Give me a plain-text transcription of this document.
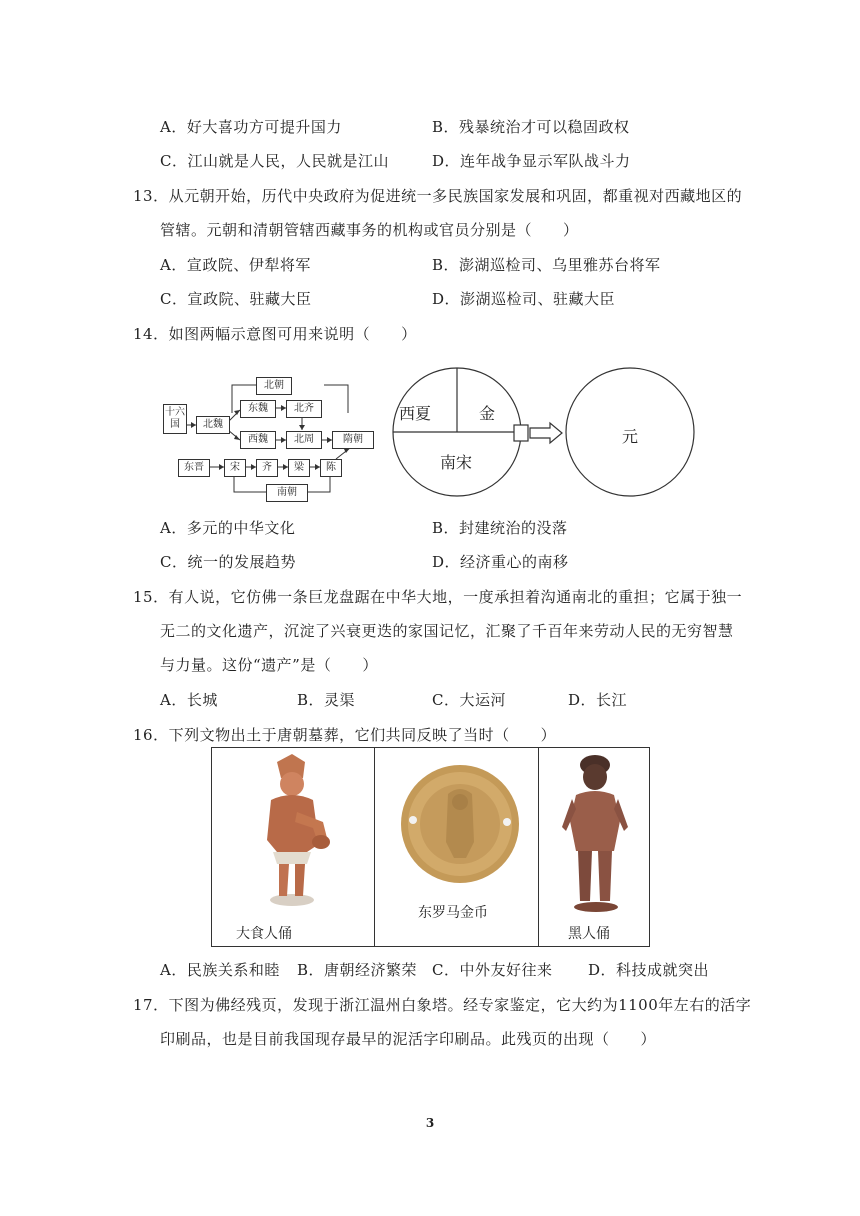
A．好大喜功方可提升国力	B．残暴统治才可以稳固政权
C．江山就是人民，人民就是江山	D．连年战争显示军队战斗力
13．从元朝开始，历代中央政府为促进统一多民族国家发展和巩固，都重视对西藏地区的
管辖。元朝和清朝管辖西藏事务的机构或官员分别是（　　）
A．宣政院、伊犁将军	B．澎湖巡检司、乌里雅苏台将军
C．宣政院、驻藏大臣	D．澎湖巡检司、驻藏大臣
14．如图两幅示意图可用来说明（　　）
北朝
十六国	北魏
东魏	北齐
西魏	北周	隋朝
东晋	宋	齐	梁	陈
南朝
西夏	金
南宋
元
A．多元的中华文化	B．封建统治的没落
C．统一的发展趋势	D．经济重心的南移
15．有人说，它仿佛一条巨龙盘踞在中华大地，一度承担着沟通南北的重担；它属于独一
无二的文化遗产，沉淀了兴衰更迭的家国记忆，汇聚了千百年来劳动人民的无穷智慧
与力量。这份“遗产”是（　　）
A．长城	B．灵渠	C．大运河	D．长江
16．下列文物出土于唐朝墓葬，它们共同反映了当时（　　）
大食人俑
东罗马金币
黑人俑
A．民族关系和睦 B．唐朝经济繁荣 C．中外友好往来 D．科技成就突出
17．下图为佛经残页，发现于浙江温州白象塔。经专家鉴定，它大约为1100年左右的活字
印刷品，也是目前我国现存最早的泥活字印刷品。此残页的出现（　　）
3
